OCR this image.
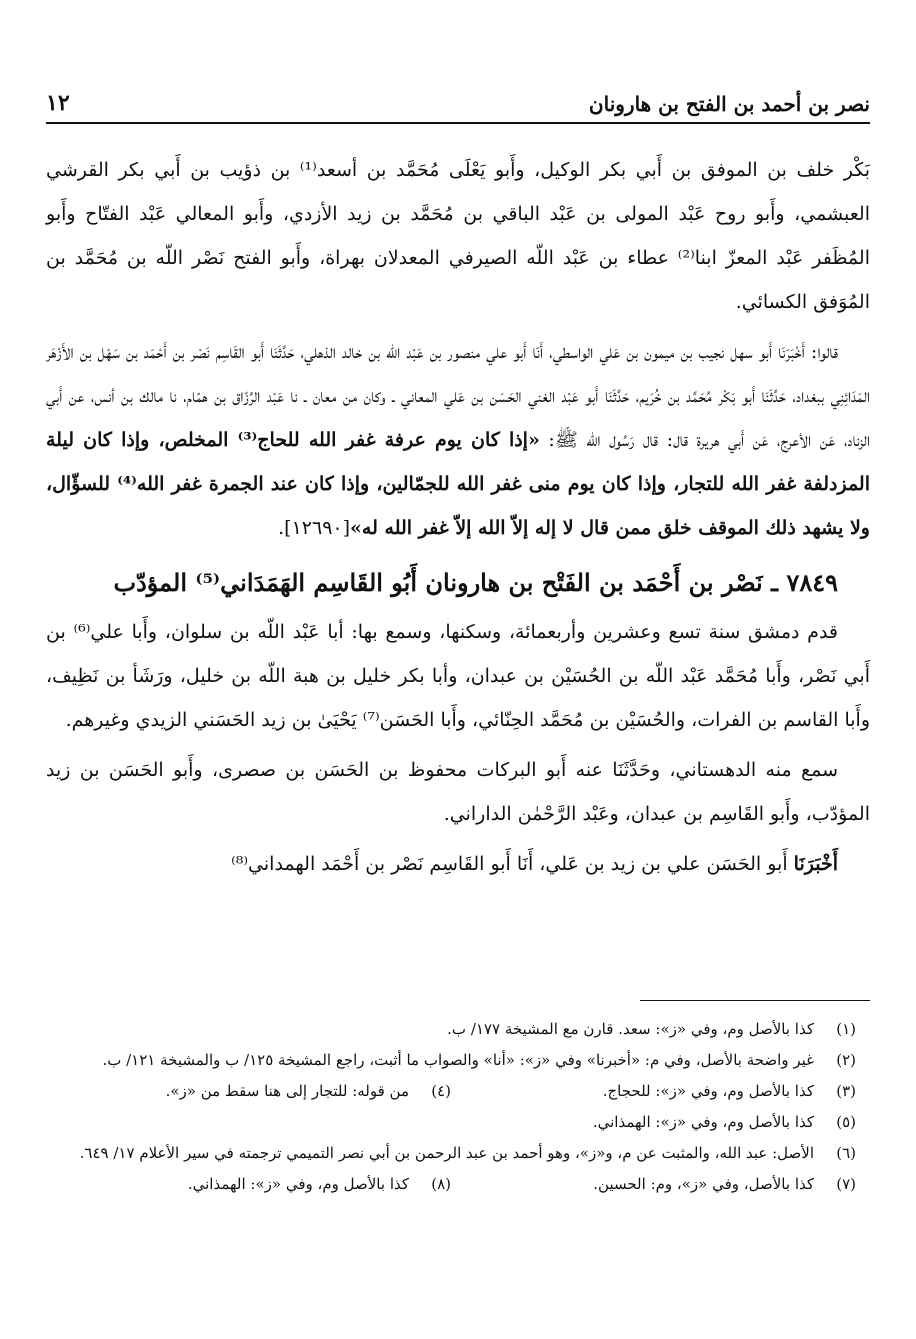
نصر بن أحمد بن الفتح بن هارونان
١٢

بَكْر خلف بن الموفق بن أَبي بكر الوكيل، وأَبو يَعْلَى مُحَمَّد بن أسعد⁽¹⁾ بن ذؤيب بن أَبي بكر القرشي العبشمي، وأَبو روح عَبْد المولى بن عَبْد الباقي بن مُحَمَّد بن زيد الأزدي، وأَبو المعالي عَبْد الفتّاح وأَبو المُظَفر عَبْد المعزّ ابنا⁽²⁾ عطاء بن عَبْد اللّه الصيرفي المعدلان بهراة، وأَبو الفتح نَصْر اللّه بن مُحَمَّد بن المُوَفق الكسائي.

قالوا: أَخْبَرَنَا أَبو سهل نجيب بن ميمون بن عَلي الواسطي، أَنَا أَبو علي منصور بن عَبْد اللّه بن خالد الذهلي، حَدَّثَنَا أَبو القَاسِم نَصْر بن أَحْمَد بن سَهْل بن الأَزْهَر المَدَائِنِي ببغداد، حَدَّثَنَا أَبو بَكْر مُحَمَّد بن خُرَيم، حَدَّثَنَا أَبو عَبْد الغني الحَسَن بن عَلي المعاني ـ وكان من معان ـ نا عَبْد الرَّزّاق بن همّام، نا مالك بن أنس، عن أَبي الزناد، عَن الأعرج، عَن أَبي هريرة قال: قال رَسُول اللّه ﷺ: «إذا كان يوم عرفة غفر الله للحاج⁽³⁾ المخلص، وإذا كان ليلة المزدلفة غفر الله للتجار، وإذا كان يوم منى غفر الله للجمّالين، وإذا كان عند الجمرة غفر الله⁽⁴⁾ للسؤّال، ولا يشهد ذلك الموقف خلق ممن قال لا إله إلاّ الله إلاّ غفر الله له»[١٢٦٩٠].

٧٨٤٩ ـ نَصْر بن أَحْمَد بن الفَتْح بن هارونان أَبُو القَاسِم الهَمَدَاني⁽⁵⁾ المؤدّب

قدم دمشق سنة تسع وعشرين وأربعمائة، وسكنها، وسمع بها: أبا عَبْد اللّه بن سلوان، وأَبا علي⁽⁶⁾ بن أَبي نَصْر، وأَبا مُحَمَّد عَبْد اللّه بن الحُسَيْن بن عبدان، وأبا بكر خليل بن هبة اللّه بن خليل، ورَشَأ بن نَظِيف، وأَبا القاسم بن الفرات، والحُسَيْن بن مُحَمَّد الحِنّائي، وأَبا الحَسَن⁽⁷⁾ يَحْيَىٰ بن زيد الحَسَني الزيدي وغيرهم.

سمع منه الدهستاني، وحَدَّثَنَا عنه أَبو البركات محفوظ بن الحَسَن بن صصرى، وأَبو الحَسَن بن زيد المؤدّب، وأَبو القَاسِم بن عبدان، وعَبْد الرَّحْمٰن الداراني.

أَخْبَرَنَا أَبو الحَسَن علي بن زيد بن عَلي، أَنَا أَبو القَاسِم نَصْر بن أَحْمَد الهمداني⁽⁸⁾

(١)
كذا بالأصل وم، وفي «ز»: سعد. قارن مع المشيخة ١٧٧/ ب.

(٢)
غير واضحة بالأصل، وفي م: «أخبرنا» وفي «ز»: «أنا» والصواب ما أثبت، راجع المشيخة ١٢٥/ ب والمشيخة ١٢١/ ب.

(٣)
كذا بالأصل وم، وفي «ز»: للحجاج.

(٤)
من قوله: للتجار إلى هنا سقط من «ز».

(٥)
كذا بالأصل وم، وفي «ز»: الهمذاني.

(٦)
الأصل: عبد الله، والمثبت عن م، و«ز»، وهو أحمد بن عبد الرحمن بن أبي نصر التميمي ترجمته في سير الأعلام ١٧/ ٦٤٩.

(٧)
كذا بالأصل، وفي «ز»، وم: الحسين.

(٨)
كذا بالأصل وم، وفي «ز»: الهمذاني.
